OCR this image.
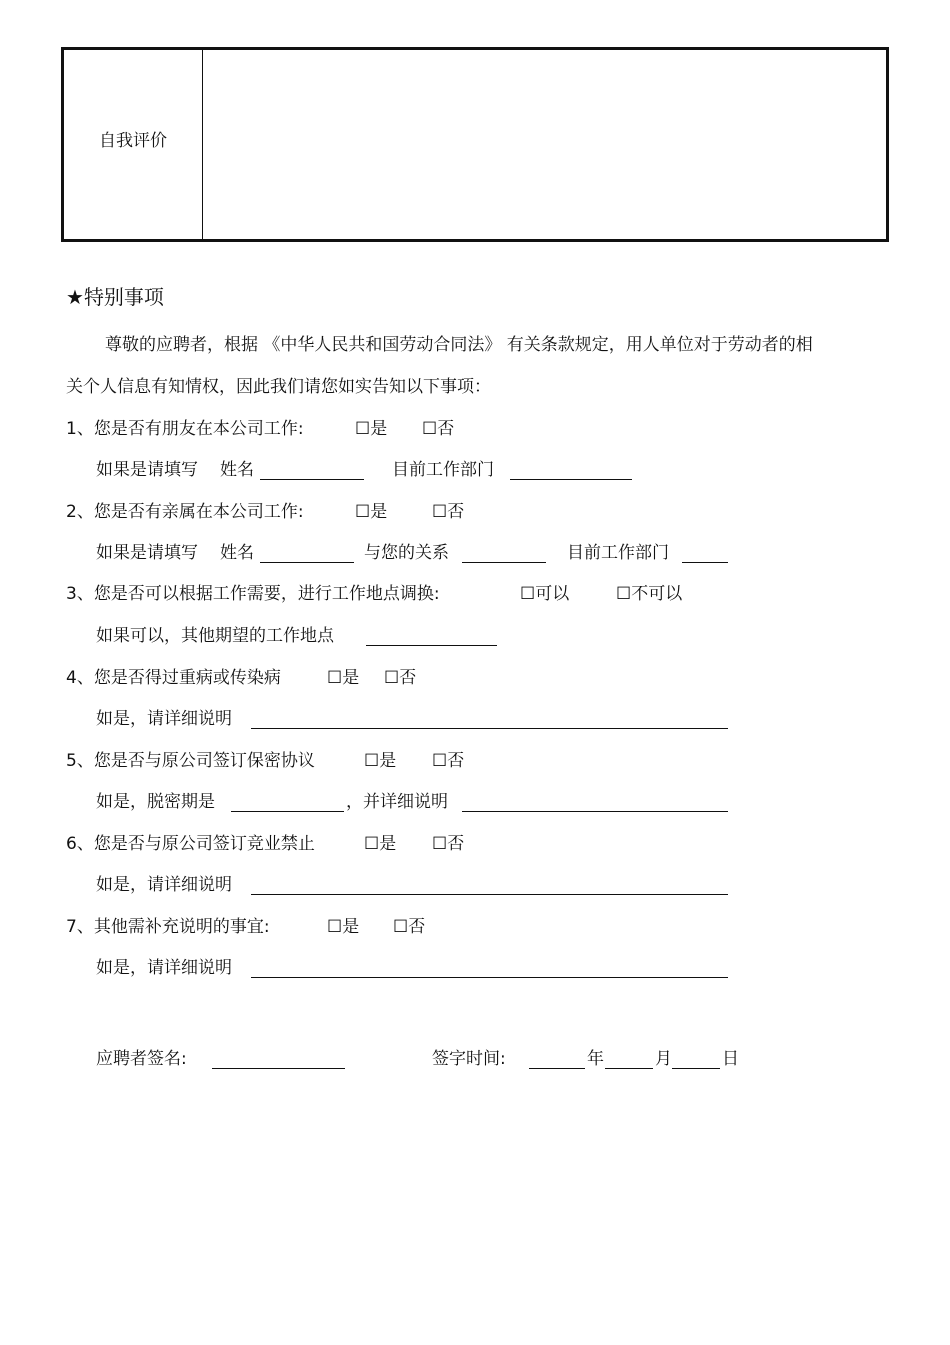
自我评价
★特别事项
尊敬的应聘者，根据 《中华人民共和国劳动合同法》 有关条款规定，用人单位对于劳动者的相
关个人信息有知情权，因此我们请您如实告知以下事项：
1、您是否有朋友在本公司工作:	☐是 ☐否
如果是请填写 姓名	目前工作部门
2、您是否有亲属在本公司工作:	☐是	☐否
如果是请填写 姓名	与您的关系	目前工作部门
3、您是否可以根据工作需要，进行工作地点调换:	☐可以	☐不可以
如果可以，其他期望的工作地点
4、您是否得过重病或传染病	☐是 ☐否
如是，请详细说明
5、您是否与原公司签订保密协议	☐是 ☐否
如是，脱密期是	，并详细说明
6、您是否与原公司签订竞业禁止	☐是 ☐否
如是，请详细说明
7、其他需补充说明的事宜:	☐是 ☐否
如是，请详细说明
应聘者签名:	签字时间:	年	月	日
